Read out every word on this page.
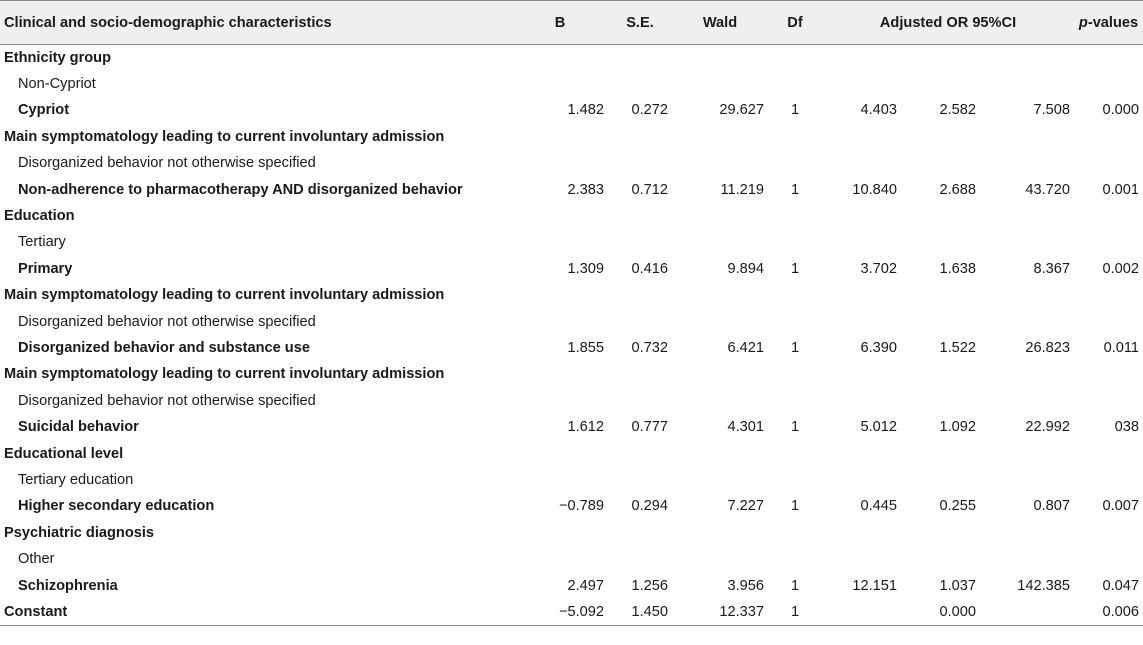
Clinical and socio-demographic characteristics	B	S.E.	Wald	Df	Adjusted OR 95%CI			p-values
Ethnicity group								
Non-Cypriot								
Cypriot	1.482	0.272	29.627	1	4.403	2.582	7.508	0.000
Main symptomatology leading to current involuntary admission								
Disorganized behavior not otherwise specified								
Non-adherence to pharmacotherapy AND disorganized behavior	2.383	0.712	11.219	1	10.840	2.688	43.720	0.001
Education								
Tertiary								
Primary	1.309	0.416	9.894	1	3.702	1.638	8.367	0.002
Main symptomatology leading to current involuntary admission								
Disorganized behavior not otherwise specified								
Disorganized behavior and substance use	1.855	0.732	6.421	1	6.390	1.522	26.823	0.011
Main symptomatology leading to current involuntary admission								
Disorganized behavior not otherwise specified								
Suicidal behavior	1.612	0.777	4.301	1	5.012	1.092	22.992	038
Educational level								
Tertiary education								
Higher secondary education	−0.789	0.294	7.227	1	0.445	0.255	0.807	0.007
Psychiatric diagnosis								
Other								
Schizophrenia	2.497	1.256	3.956	1	12.151	1.037	142.385	0.047
Constant	−5.092	1.450	12.337	1		0.000		0.006
